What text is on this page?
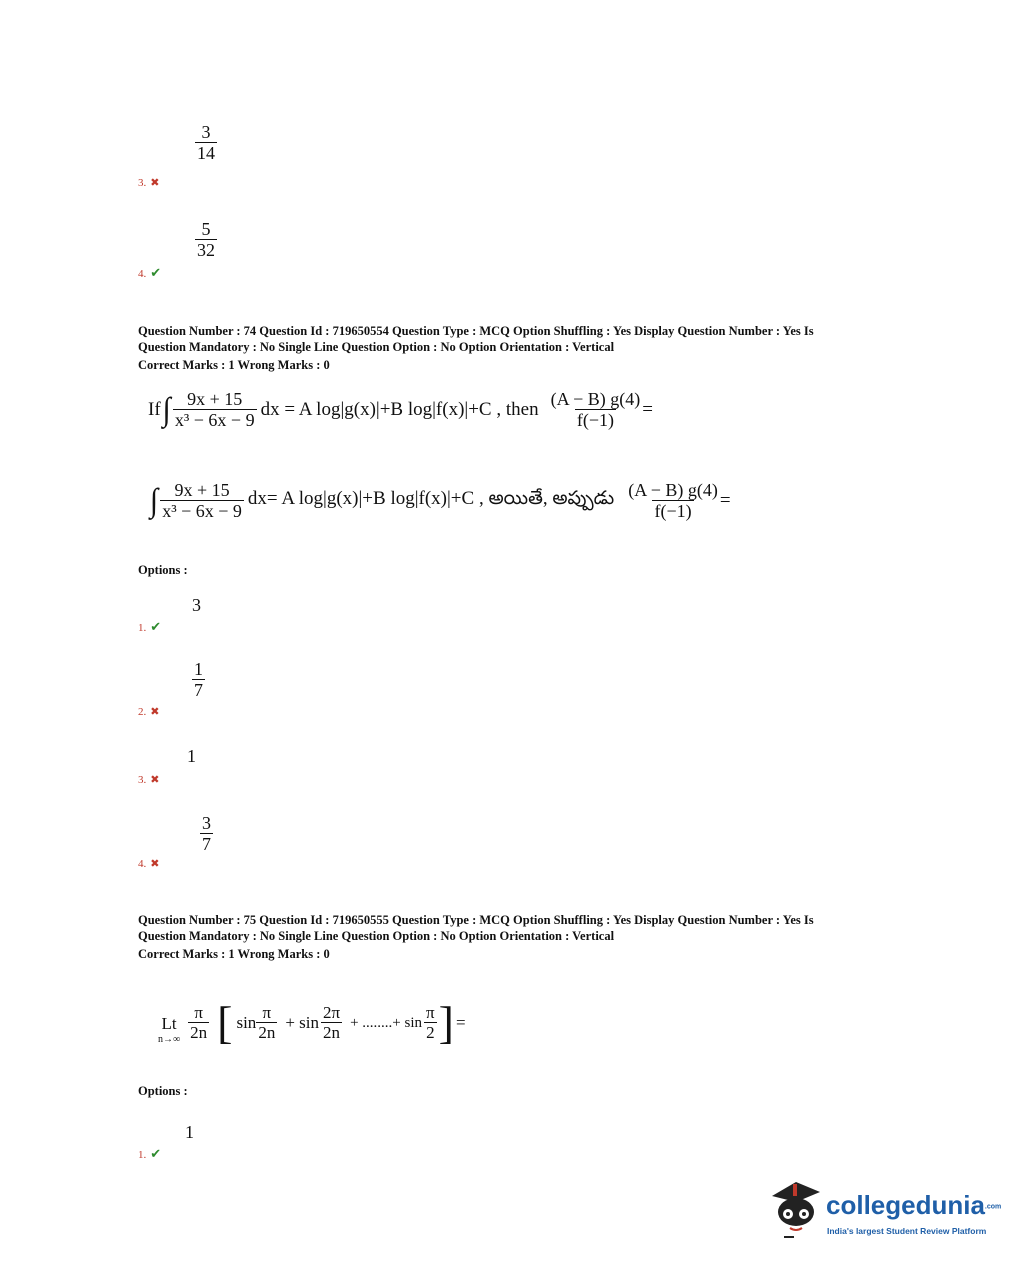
$\frac{3}{14}$
3. ✖
$\frac{5}{32}$
4. ✔
Question Number : 74 Question Id : 719650554 Question Type : MCQ Option Shuffling : Yes Display Question Number : Yes Is
Question Mandatory : No Single Line Question Option : No Option Orientation : Vertical
Correct Marks : 1 Wrong Marks : 0
If ∫ $\frac{9x + 15}{\text{x³ − 6x − 9}}$ dx = A log|g(x)|+B log|f(x)|+C , then $\frac{(A - B) g(4)}{f(-1)}$ =
∫ $\frac{9x + 15}{\text{x³ − 6x − 9}} dx= A$ log|g(x)|+B log|f(x)|+C , అయితే, అప్పుడు $\frac{(A - B) g(4)}{f(-1)}$ =
Options :
3
1. ✔
$\frac{1}{7}$
2. ✖
1
3. ✖
$\frac{3}{7}$
4. ✖
Question Number : 75 Question Id : 719650555 Question Type : MCQ Option Shuffling : Yes Display Question Number : Yes Is
Question Mandatory : No Single Line Question Option : No Option Orientation : Vertical
Correct Marks : 1 Wrong Marks : 0
Lt
$n\to\infty \frac{\pi}{2n}$ [ $\sin \frac{\pi}{2n} + \sin \frac{2\pi}{2n}$ + ........+ $\sin \frac{\pi}{2}$ ] =
Options :
1
1. ✔
collegedunia.com
India's largest Student Review Platform
